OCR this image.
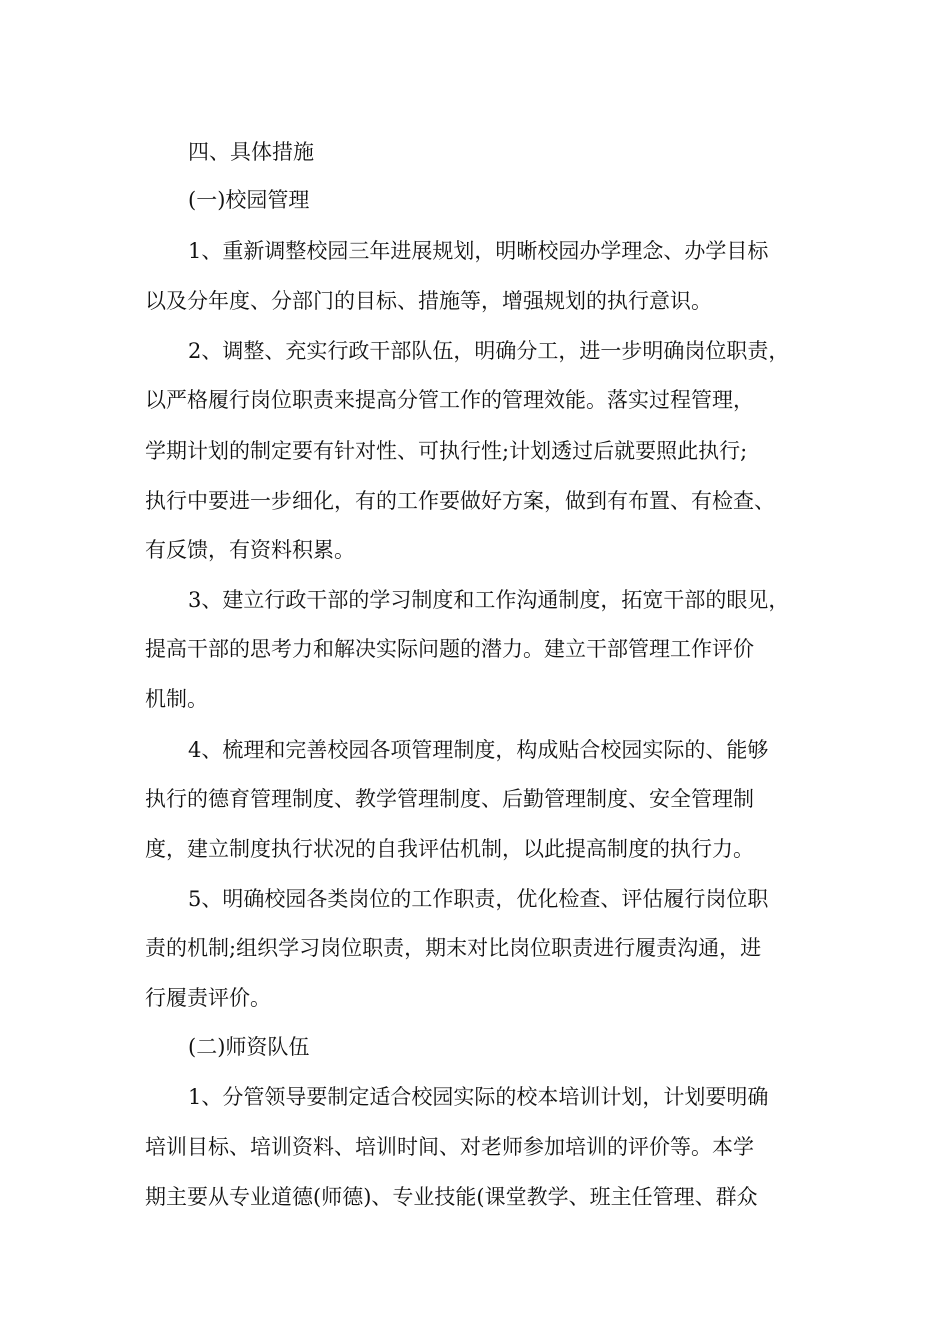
四、具体措施
(一)校园管理
1、重新调整校园三年进展规划，明晰校园办学理念、办学目标
以及分年度、分部门的目标、措施等，增强规划的执行意识。
2、调整、充实行政干部队伍，明确分工，进一步明确岗位职责，
以严格履行岗位职责来提高分管工作的管理效能。落实过程管理，
学期计划的制定要有针对性、可执行性;计划透过后就要照此执行;
执行中要进一步细化，有的工作要做好方案，做到有布置、有检查、
有反馈，有资料积累。
3、建立行政干部的学习制度和工作沟通制度，拓宽干部的眼见，
提高干部的思考力和解决实际问题的潜力。建立干部管理工作评价
机制。
4、梳理和完善校园各项管理制度，构成贴合校园实际的、能够
执行的德育管理制度、教学管理制度、后勤管理制度、安全管理制
度，建立制度执行状况的自我评估机制，以此提高制度的执行力。
5、明确校园各类岗位的工作职责，优化检查、评估履行岗位职
责的机制;组织学习岗位职责，期末对比岗位职责进行履责沟通，进
行履责评价。
(二)师资队伍
1、分管领导要制定适合校园实际的校本培训计划，计划要明确
培训目标、培训资料、培训时间、对老师参加培训的评价等。本学
期主要从专业道德(师德)、专业技能(课堂教学、班主任管理、群众
